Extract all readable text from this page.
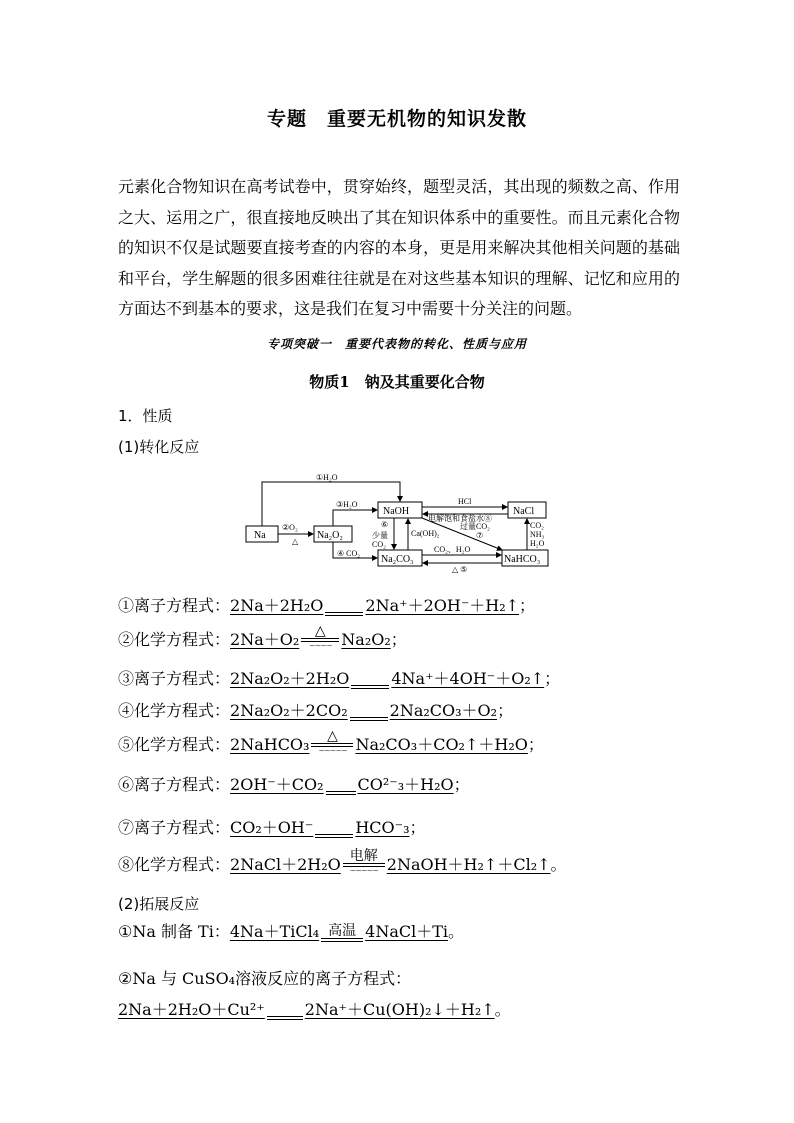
专题　重要无机物的知识发散

元素化合物知识在高考试卷中，贯穿始终，题型灵活，其出现的频数之高、作用之大、运用之广，很直接地反映出了其在知识体系中的重要性。而且元素化合物的知识不仅是试题要直接考查的内容的本身，更是用来解决其他相关问题的基础和平台，学生解题的很多困难往往就是在对这些基本知识的理解、记忆和应用的方面达不到基本的要求，这是我们在复习中需要十分关注的问题。

专项突破一　重要代表物的转化、性质与应用
物质1　钠及其重要化合物
1．性质
(1)转化反应
Na	Na₂O₂
NaOH
Na₂CO₃	NaHCO₃
NaCl
①H₂O
②O₂
△
③H₂O
④ CO₂
⑥
少量
CO₂
Ca(OH)₂
HCl
电解饱和食盐水⑧
过量CO₂
⑦
CO₂、H₂O
△ ⑤
CO₂
NH₃
H₂O
①离子方程式：2Na＋2H₂O	2Na⁺＋2OH⁻＋H₂↑；
②化学方程式：2Na＋O₂	△
~~~~ Na₂O₂；
③离子方程式：2Na₂O₂＋2H₂O	4Na⁺＋4OH⁻＋O₂↑；
④化学方程式：2Na₂O₂＋2CO₂	2Na₂CO₃＋O₂；
⑤化学方程式：2NaHCO₃	△
~~~~~ Na₂CO₃＋CO₂↑＋H₂O；
⑥离子方程式：2OH⁻＋CO₂ CO²⁻₃＋H₂O；
⑦离子方程式：CO₂＋OH⁻	HCO⁻₃；
⑧化学方程式：2NaCl＋2H₂O 电解
~~~~~ 2NaOH＋H₂↑＋Cl₂↑。
(2)拓展反应
①Na 制备 Ti：4Na＋TiCl₄ 高温 4NaCl＋Ti。
②Na 与 CuSO₄溶液反应的离子方程式：
2Na＋2H₂O＋Cu²⁺	2Na⁺＋Cu(OH)₂↓＋H₂↑。
